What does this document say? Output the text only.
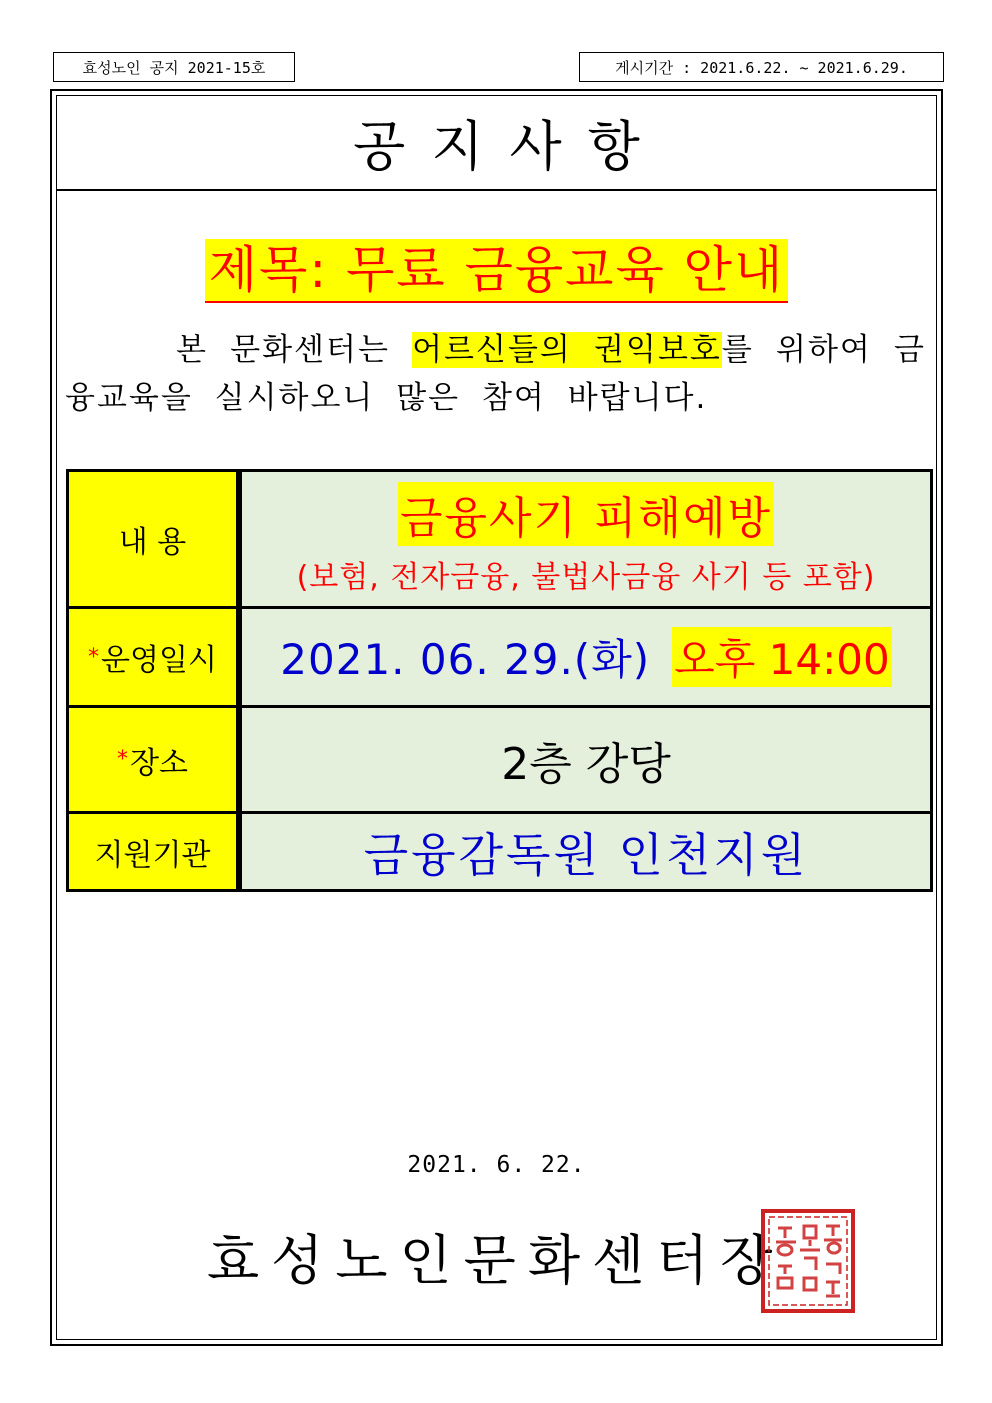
효성노인 공지 2021-15호	게시기간 : 2021.6.22. ~ 2021.6.29.
공지사항
제목: 무료 금융교육 안내
본 문화센터는 어르신들의 권익보호를 위하여 금융교육을 실시하오니 많은 참여 바랍니다.
내 용	금융사기 피해예방
(보험, 전자금융, 불법사금융 사기 등 포함)
* 운영일시 2021. 06. 29.(화) 오후 14:00
* 장소	2층 강당
지원기관	금융감독원 인천지원
2021. 6. 22.
효성노인문화센터장
